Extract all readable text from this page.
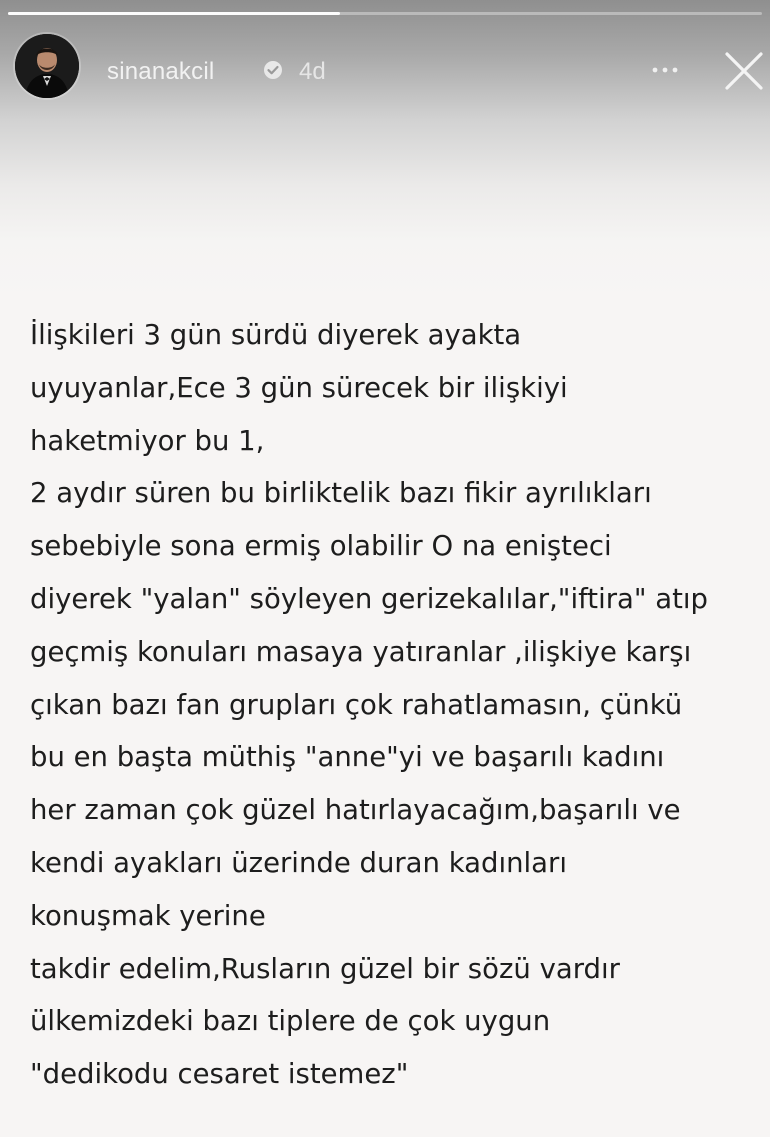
sinanakcil	4d
İlişkileri 3 gün sürdü diyerek ayakta
uyuyanlar,Ece 3 gün sürecek bir ilişkiyi
haketmiyor bu 1,
2 aydır süren bu birliktelik bazı fikir ayrılıkları
sebebiyle sona ermiş olabilir O na enişteci
diyerek "yalan" söyleyen gerizekalılar,"iftira" atıp
geçmiş konuları masaya yatıranlar ,ilişkiye karşı
çıkan bazı fan grupları çok rahatlamasın, çünkü
bu en başta müthiş "anne"yi ve başarılı kadını
her zaman çok güzel hatırlayacağım,başarılı ve
kendi ayakları üzerinde duran kadınları
konuşmak yerine
takdir edelim,Rusların güzel bir sözü vardır
ülkemizdeki bazı tiplere de çok uygun
"dedikodu cesaret istemez"
